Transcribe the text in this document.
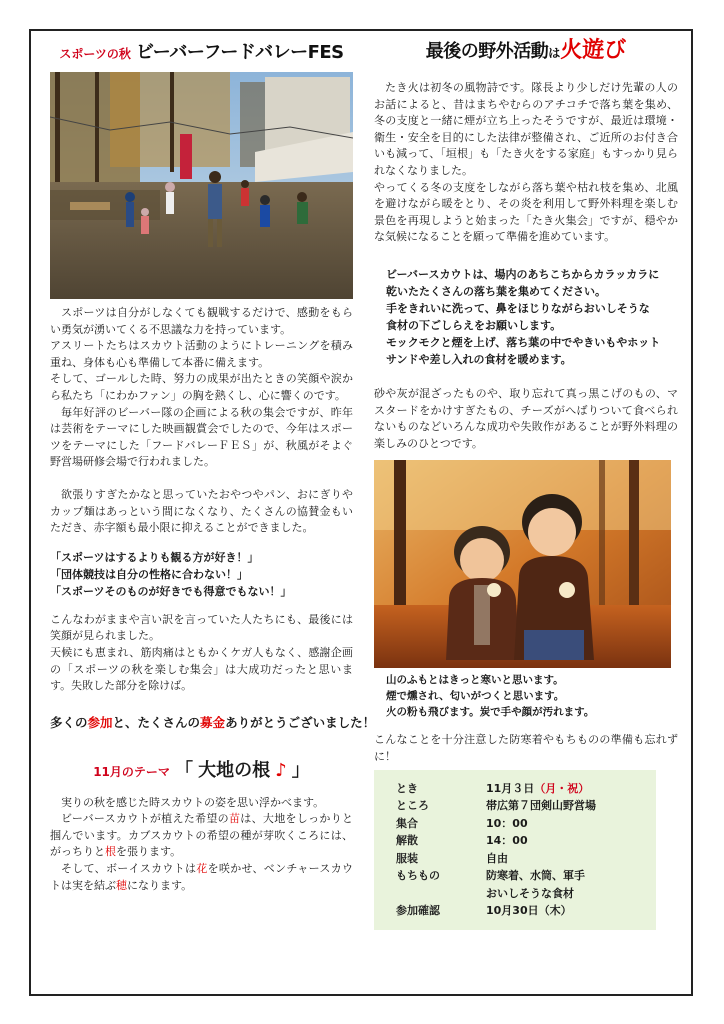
スポーツの秋 ビーバーフードバレーFES

スポーツは自分がしなくても観戦するだけで、感動をもらい勇気が湧いてくる不思議な力を持っています。

アスリートたちはスカウト活動のようにトレーニングを積み重ね、身体も心も準備して本番に備えます。

そして、ゴールした時、努力の成果が出たときの笑顔や涙から私たち「にわかファン」の胸を熱くし、心に響くのです。

毎年好評のビーバー隊の企画による秋の集会ですが、昨年は芸術をテーマにした映画観賞会でしたので、今年はスポーツをテーマにした「フードバレーＦＥＳ」が、秋風がそよぐ野営場研修会場で行われました。

欲張りすぎたかなと思っていたおやつやパン、おにぎりやカップ麺はあっという間になくなり、たくさんの協賛金もいただき、赤字額も最小限に抑えることができました。

「スポーツはするよりも観る方が好き！」
「団体競技は自分の性格に合わない！」
「スポーツそのものが好きでも得意でもない！」

こんなわがままや言い訳を言っていた人たちにも、最後には笑顔が見られました。

天候にも恵まれ、筋肉痛はともかくケガ人もなく、感謝企画の「スポーツの秋を楽しむ集会」は大成功だったと思います。失敗した部分を除けば。

多くの参加と、たくさんの募金ありがとうございました！
11月のテーマ 「 大地の根 ♪ 」

実りの秋を感じた時スカウトの姿を思い浮かべます。

ビーバースカウトが植えた希望の苗は、大地をしっかりと掴んでいます。カブスカウトの希望の種が芽吹くころには、がっちりと根を張ります。

そして、ボーイスカウトは花を咲かせ、ベンチャースカウトは実を結ぶ穂になります。

最後の野外活動は火遊び

たき火は初冬の風物詩です。隊長より少しだけ先輩の人のお話によると、昔はまちやむらのアチコチで落ち葉を集め、冬の支度と一緒に煙が立ち上ったそうですが、最近は環境・衛生・安全を目的にした法律が整備され、ご近所のお付き合いも減って、「垣根」も「たき火をする家庭」もすっかり見られなくなりました。

やってくる冬の支度をしながら落ち葉や枯れ枝を集め、北風を避けながら暖をとり、その炎を利用して野外料理を楽しむ景色を再現しようと始まった「たき火集会」ですが、穏やかな気候になることを願って準備を進めています。

ビーバースカウトは、場内のあちこちからカラッカラに
乾いたたくさんの落ち葉を集めてください。
手をきれいに洗って、鼻をほじりながらおいしそうな
食材の下ごしらえをお願いします。
モックモクと煙を上げ、落ち葉の中でやきいもやホット
サンドや差し入れの食材を暖めます。

砂や灰が混ざったものや、取り忘れて真っ黒こげのもの、マスタードをかけすぎたもの、チーズがへばりついて食べられないものなどいろんな成功や失敗作があることが野外料理の楽しみのひとつです。

山のふもとはきっと寒いと思います。
煙で燻され、匂いがつくと思います。
火の粉も飛びます。炭で手や顔が汚れます。

こんなことを十分注意した防寒着やもちものの準備も忘れずに！

とき	11月３日（月・祝）
ところ	帯広第７団剣山野営場
集合	10：00
解散	14：00
服装	自由
もちもの	防寒着、水筒、軍手
おいしそうな食材
参加確認	10月30日（木）
